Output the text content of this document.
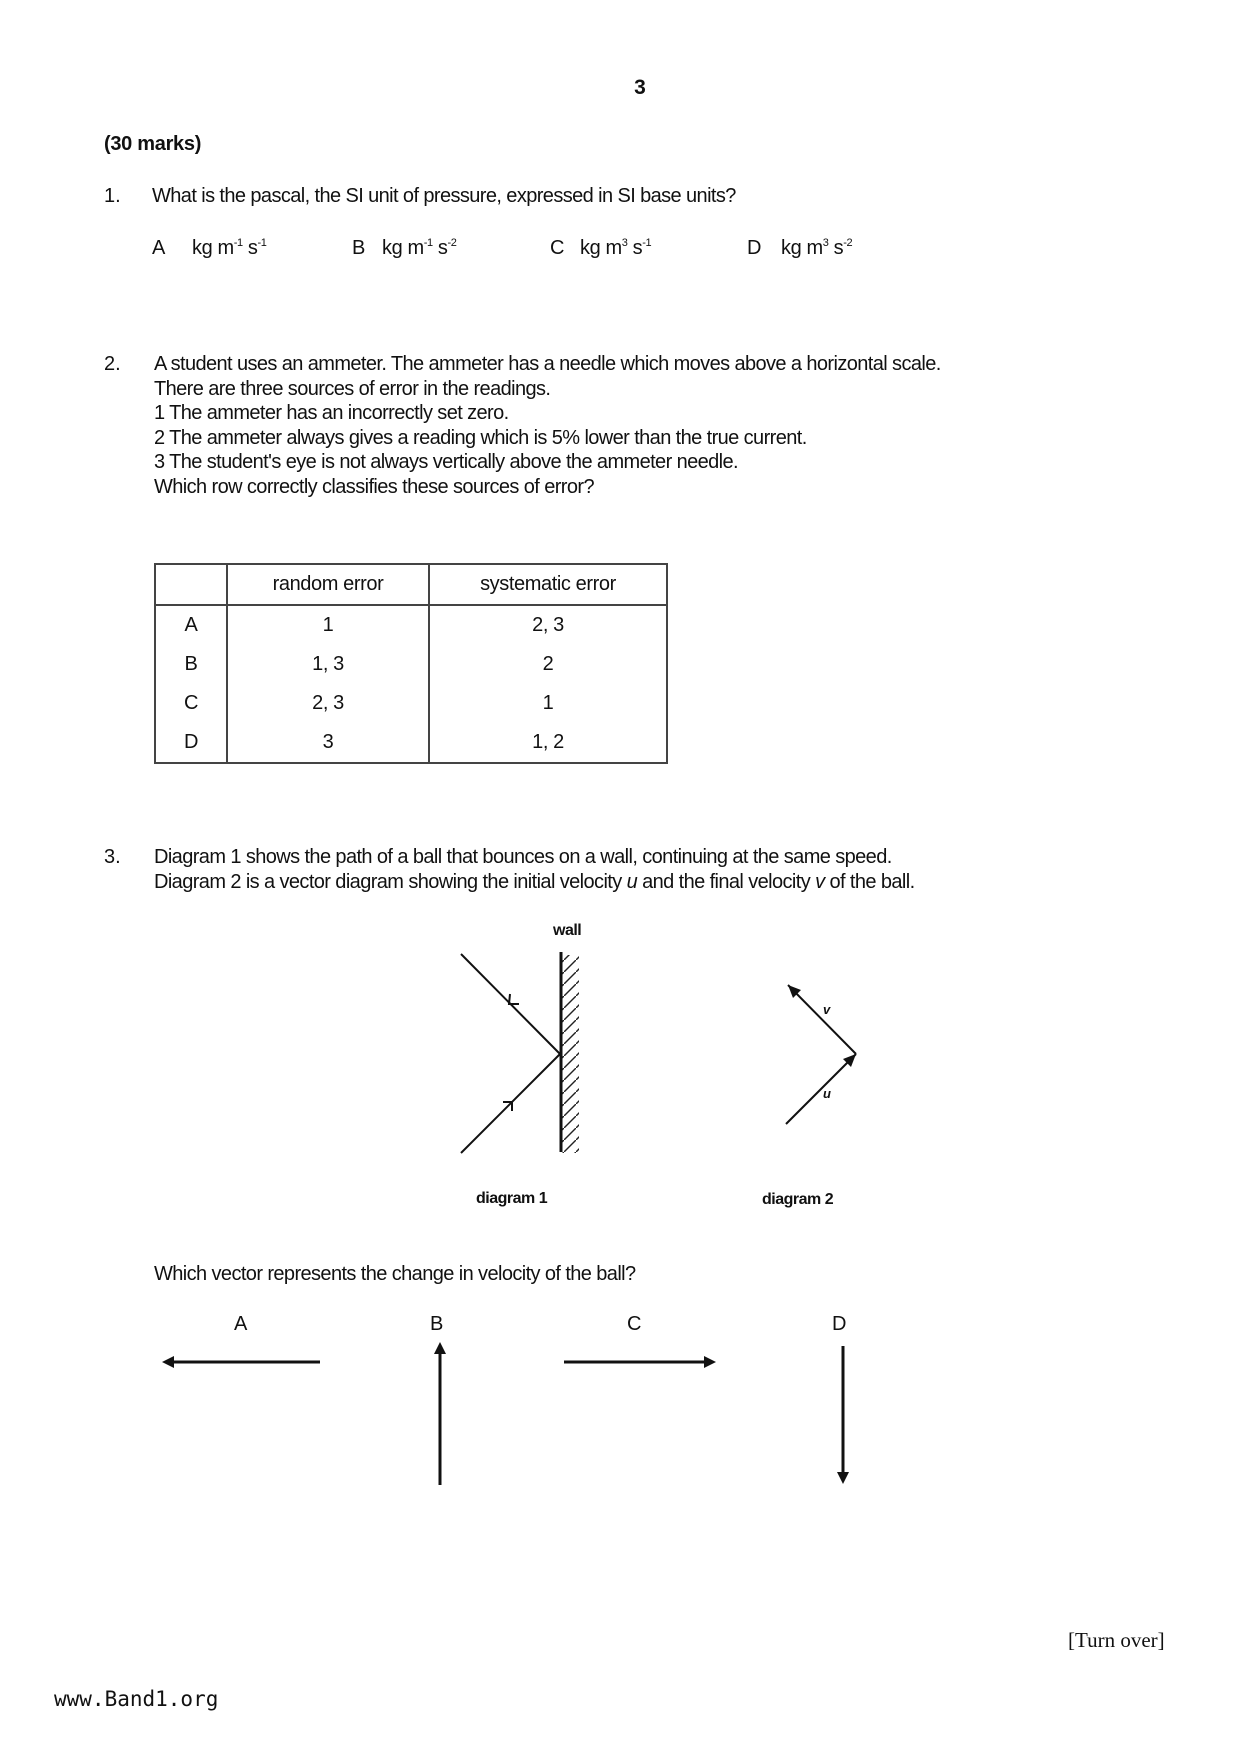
3
(30 marks)
1. What is the pascal, the SI unit of pressure, expressed in SI base units?
A kg $m^{-1}$ $s^{-1}$	B kg $m^{-1}$ $s^{-2}$	C kg $m^3$ $s^{-1}$	D kg $m^3$ $s^{-2}$
2. A student uses an ammeter. The ammeter has a needle which moves above a horizontal scale.
There are three sources of error in the readings.
1 The ammeter has an incorrectly set zero.
2 The ammeter always gives a reading which is 5% lower than the true current.
3 The student's eye is not always vertically above the ammeter needle.
Which row correctly classifies these sources of error?
	random error	systematic error
A	1	2, 3
B	1, 3	2
C	2, 3	1
D	3	1, 2
3. Diagram 1 shows the path of a ball that bounces on a wall, continuing at the same speed.
Diagram 2 is a vector diagram showing the initial velocity u and the final velocity v of the ball.
wall
diagram 1
v
u
diagram 2
Which vector represents the change in velocity of the ball?
A	B	C	D
[Turn over]
www.Band1.org
